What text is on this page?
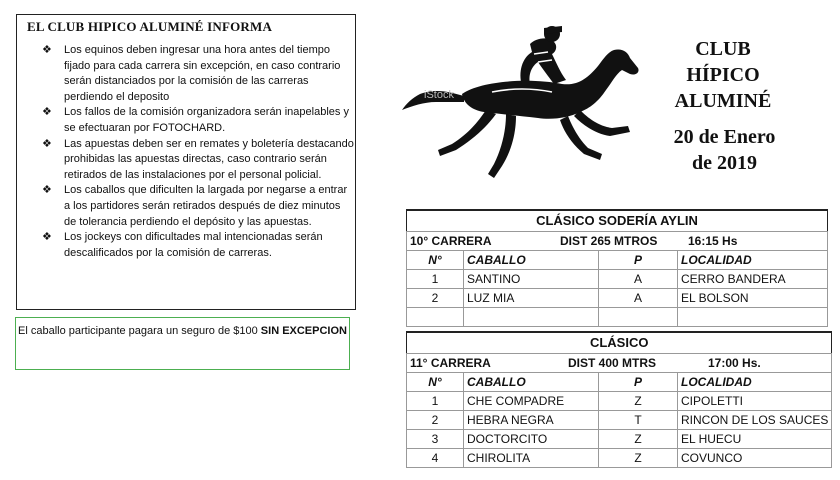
EL CLUB HIPICO ALUMINÉ INFORMA
❖ Los equinos deben ingresar una hora antes del tiempo fijado para cada carrera sin excepción, en caso contrario serán distanciados por la comisión de las carreras perdiendo el deposito
❖ Los fallos de la comisión organizadora serán inapelables y se efectuaran por FOTOCHARD.
❖ Las apuestas deben ser en remates y boletería destacando prohibidas las apuestas directas, caso contrario serán retirados de las instalaciones por el personal policial.
❖ Los caballos que dificulten la largada por negarse a entrar a los partidores serán retirados después de diez minutos de tolerancia perdiendo el depósito y las apuestas.
❖ Los jockeys con dificultades mal intencionadas serán descalificados por la comisión de carreras.
El caballo participante pagara un seguro de $100 SIN EXCEPCION
iStock
CLUB
HÍPICO
ALUMINÉ
20 de Enero
de 2019
CLÁSICO SODERÍA AYLIN			
10° CARRERA DIST 265 MTROS 16:15 Hs			
N°	CABALLO	P	LOCALIDAD
1	SANTINO	A	CERRO BANDERA
2	LUZ MIA	A	EL BOLSON

CLÁSICO			
11° CARRERA DIST 400 MTRS 17:00 Hs.			
N°	CABALLO	P	LOCALIDAD
1	CHE COMPADRE	Z	CIPOLETTI
2	HEBRA NEGRA	T	RINCON DE LOS SAUCES
3	DOCTORCITO	Z	EL HUECU
4	CHIROLITA	Z	COVUNCO
